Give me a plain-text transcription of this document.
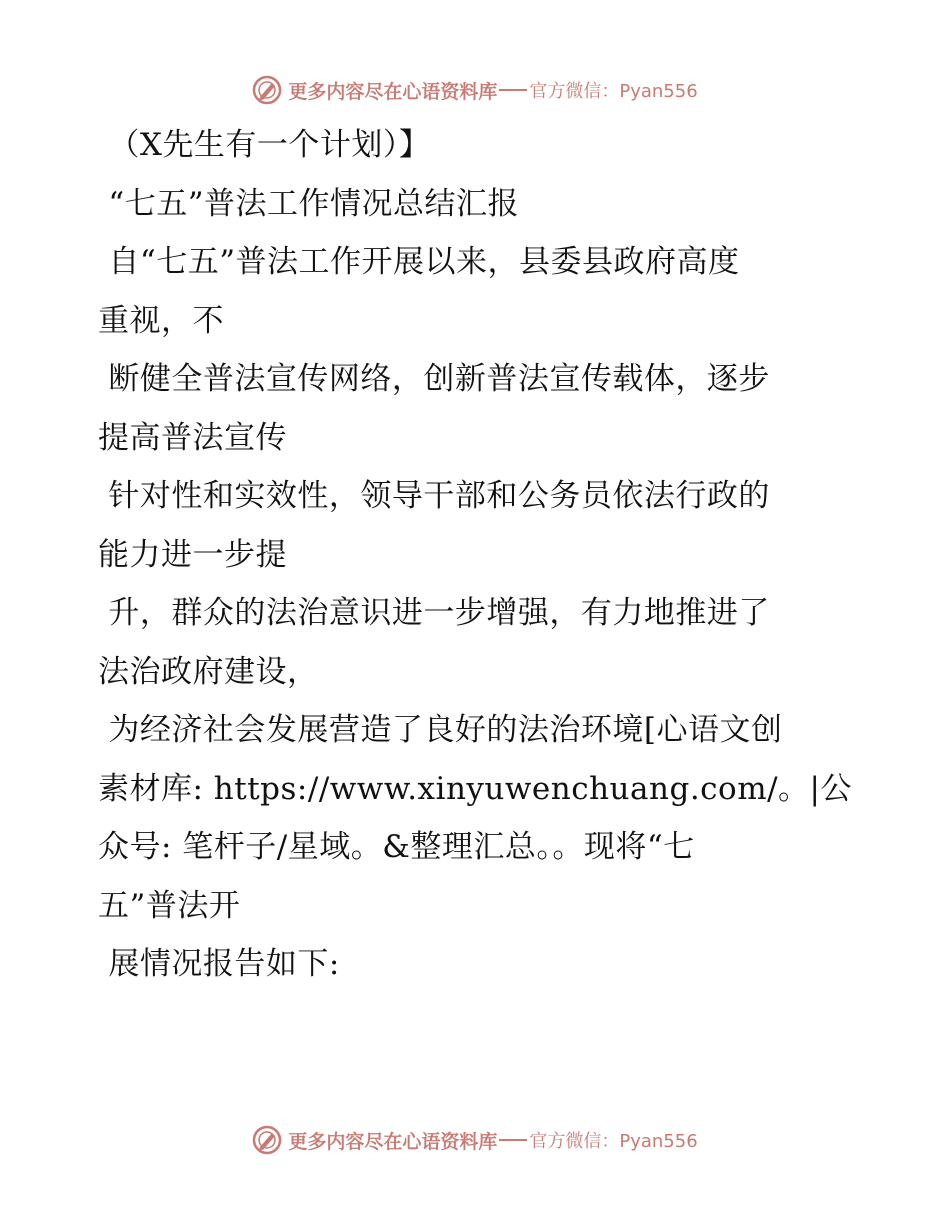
更多内容尽在心语资料库 官方微信：Pyan556
（X先生有一个计划）】
“七五”普法工作情况总结汇报
自“七五”普法工作开展以来，县委县政府高度
重视，不
断健全普法宣传网络，创新普法宣传载体，逐步
提高普法宣传
针对性和实效性，领导干部和公务员依法行政的
能力进一步提
升，群众的法治意识进一步增强，有力地推进了
法治政府建设，
为经济社会发展营造了良好的法治环境[心语文创
素材库: https://www.xinyuwenchuang.com/。|公
众号: 笔杆子/星域。&整理汇总。。现将“七
五”普法开
展情况报告如下:
更多内容尽在心语资料库 官方微信：Pyan556
